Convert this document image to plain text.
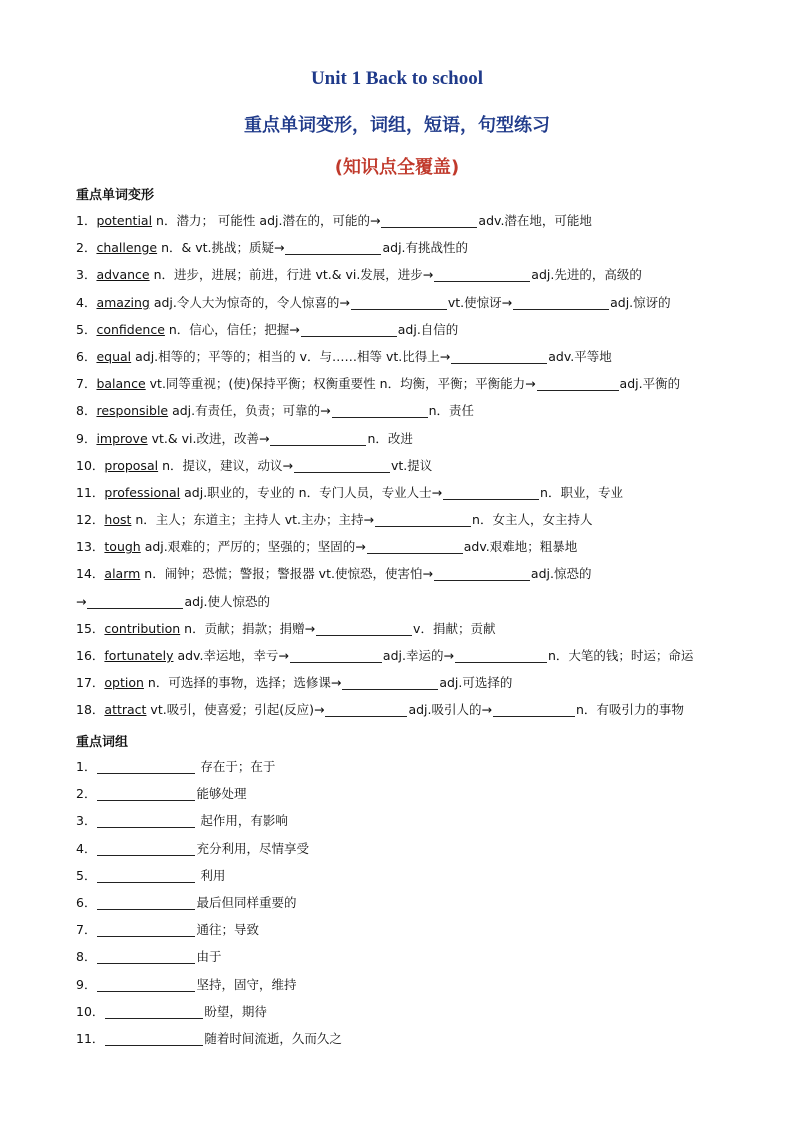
Unit 1 Back to school
重点单词变形，词组，短语，句型练习
(知识点全覆盖)
重点单词变形
1．potential n．潜力； 可能性 adj.潜在的，可能的→	adv.潜在地，可能地
2．challenge n．& vt.挑战；质疑→	adj.有挑战性的
3．advance n．进步，进展；前进，行进 vt.& vi.发展，进步→	adj.先进的，高级的
4．amazing adj.令人大为惊奇的，令人惊喜的→	vt.使惊讶→	adj.惊讶的
5．confidence n．信心，信任；把握→	adj.自信的
6．equal adj.相等的；平等的；相当的 v．与……相等 vt.比得上→	adv.平等地
7．balance vt.同等重视；(使)保持平衡；权衡重要性 n．均衡，平衡；平衡能力→	adj.平衡的
8．responsible adj.有责任，负责；可靠的→	n．责任
9．improve vt.& vi.改进，改善→	n．改进
10．proposal n．提议，建议，动议→	vt.提议
11．professional adj.职业的，专业的 n．专门人员，专业人士→	n．职业，专业
12．host n．主人；东道主；主持人 vt.主办；主持→	n．女主人，女主持人
13．tough adj.艰难的；严厉的；坚强的；坚固的→	adv.艰难地；粗暴地
14．alarm n．闹钟；恐慌；警报；警报器 vt.使惊恐，使害怕→	adj.惊恐的
→	adj.使人惊恐的
15．contribution n．贡献；捐款；捐赠→	v．捐献；贡献
16．fortunately adv.幸运地，幸亏→	adj.幸运的→	n．大笔的钱；时运；命运
17．option n．可选择的事物，选择；选修课→	adj.可选择的
18．attract vt.吸引，使喜爱；引起(反应)→	adj.吸引人的→	n．有吸引力的事物
重点词组
1．	存在于；在于
2．	能够处理
3．	起作用，有影响
4．	充分利用，尽情享受
5．	利用
6．	最后但同样重要的
7．	通往；导致
8．	由于
9．	坚持，固守，维持
10．	盼望，期待
11．	随着时间流逝，久而久之
